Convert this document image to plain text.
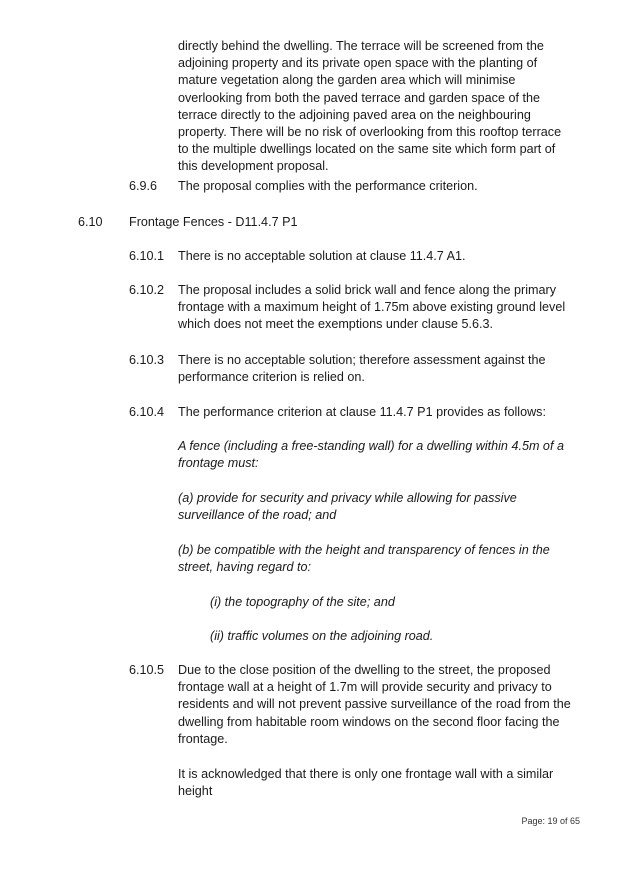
directly behind the dwelling. The terrace will be screened from the adjoining property and its private open space with the planting of mature vegetation along the garden area which will minimise overlooking from both the paved terrace and garden space of the terrace directly to the adjoining paved area on the neighbouring property. There will be no risk of overlooking from this rooftop terrace to the multiple dwellings located on the same site which form part of this development proposal.

6.9.6 The proposal complies with the performance criterion.

6.10 Frontage Fences - D11.4.7 P1
6.10.1 There is no acceptable solution at clause 11.4.7 A1.

6.10.2 The proposal includes a solid brick wall and fence along the primary frontage with a maximum height of 1.75m above existing ground level which does not meet the exemptions under clause 5.6.3.

6.10.3 There is no acceptable solution; therefore assessment against the performance criterion is relied on.

6.10.4 The performance criterion at clause 11.4.7 P1 provides as follows:

A fence (including a free-standing wall) for a dwelling within 4.5m of a frontage must:

(a) provide for security and privacy while allowing for passive surveillance of the road; and

(b) be compatible with the height and transparency of fences in the street, having regard to:

(i) the topography of the site; and

(ii) traffic volumes on the adjoining road.

6.10.5 Due to the close position of the dwelling to the street, the proposed frontage wall at a height of 1.7m will provide security and privacy to residents and will not prevent passive surveillance of the road from the dwelling from habitable room windows on the second floor facing the frontage.

It is acknowledged that there is only one frontage wall with a similar height

Page: 19 of 65
